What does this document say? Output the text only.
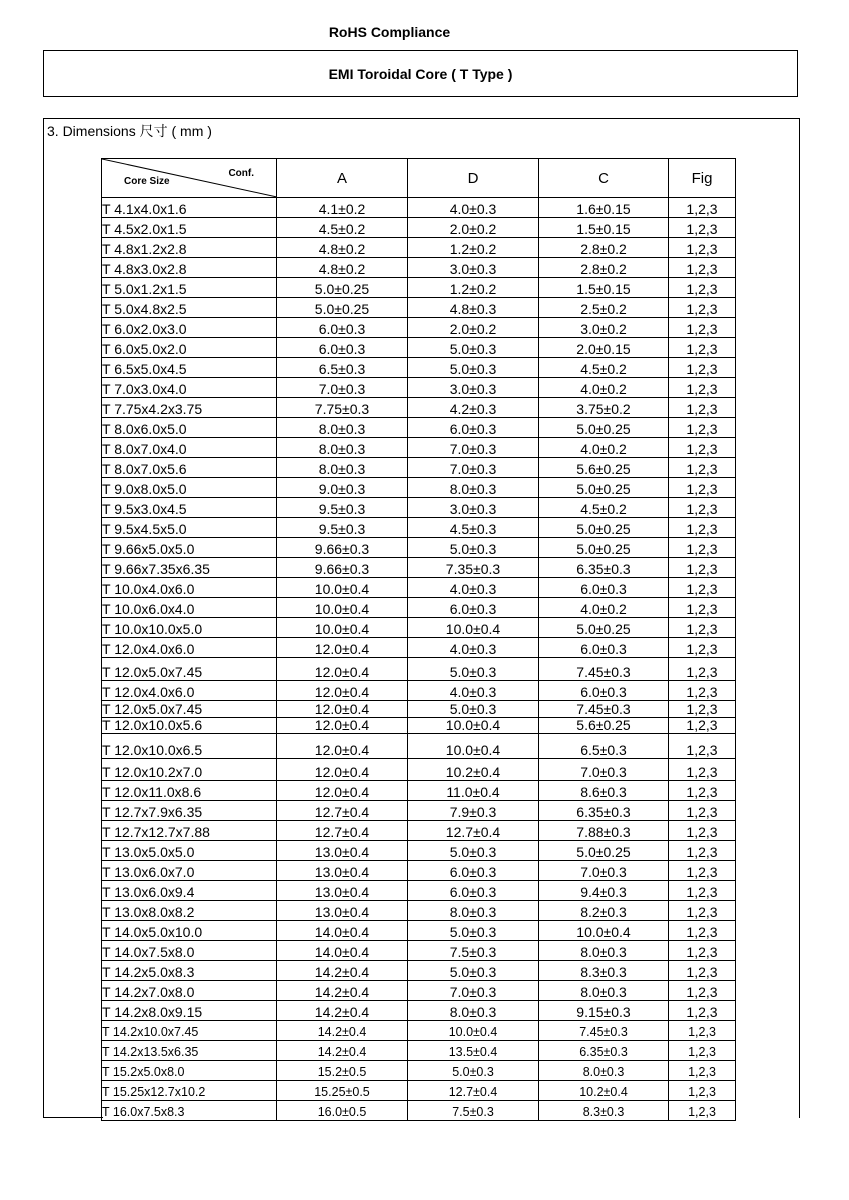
RoHS Compliance
EMI Toroidal Core ( T Type )
3. Dimensions 尺寸 ( mm )
Conf.
Core Size	A	D	C	Fig
T 4.1x4.0x1.6	4.1±0.2	4.0±0.3	1.6±0.15	1,2,3
T 4.5x2.0x1.5	4.5±0.2	2.0±0.2	1.5±0.15	1,2,3
T 4.8x1.2x2.8	4.8±0.2	1.2±0.2	2.8±0.2	1,2,3
T 4.8x3.0x2.8	4.8±0.2	3.0±0.3	2.8±0.2	1,2,3
T 5.0x1.2x1.5	5.0±0.25	1.2±0.2	1.5±0.15	1,2,3
T 5.0x4.8x2.5	5.0±0.25	4.8±0.3	2.5±0.2	1,2,3
T 6.0x2.0x3.0	6.0±0.3	2.0±0.2	3.0±0.2	1,2,3
T 6.0x5.0x2.0	6.0±0.3	5.0±0.3	2.0±0.15	1,2,3
T 6.5x5.0x4.5	6.5±0.3	5.0±0.3	4.5±0.2	1,2,3
T 7.0x3.0x4.0	7.0±0.3	3.0±0.3	4.0±0.2	1,2,3
T 7.75x4.2x3.75	7.75±0.3	4.2±0.3	3.75±0.2	1,2,3
T 8.0x6.0x5.0	8.0±0.3	6.0±0.3	5.0±0.25	1,2,3
T 8.0x7.0x4.0	8.0±0.3	7.0±0.3	4.0±0.2	1,2,3
T 8.0x7.0x5.6	8.0±0.3	7.0±0.3	5.6±0.25	1,2,3
T 9.0x8.0x5.0	9.0±0.3	8.0±0.3	5.0±0.25	1,2,3
T 9.5x3.0x4.5	9.5±0.3	3.0±0.3	4.5±0.2	1,2,3
T 9.5x4.5x5.0	9.5±0.3	4.5±0.3	5.0±0.25	1,2,3
T 9.66x5.0x5.0	9.66±0.3	5.0±0.3	5.0±0.25	1,2,3
T 9.66x7.35x6.35	9.66±0.3	7.35±0.3	6.35±0.3	1,2,3
T 10.0x4.0x6.0	10.0±0.4	4.0±0.3	6.0±0.3	1,2,3
T 10.0x6.0x4.0	10.0±0.4	6.0±0.3	4.0±0.2	1,2,3
T 10.0x10.0x5.0	10.0±0.4	10.0±0.4	5.0±0.25	1,2,3
T 12.0x4.0x6.0	12.0±0.4	4.0±0.3	6.0±0.3	1,2,3
T 12.0x5.0x7.45	12.0±0.4	5.0±0.3	7.45±0.3	1,2,3
T 12.0x4.0x6.0	12.0±0.4	4.0±0.3	6.0±0.3	1,2,3
T 12.0x5.0x7.45	12.0±0.4	5.0±0.3	7.45±0.3	1,2,3
T 12.0x10.0x5.6	12.0±0.4	10.0±0.4	5.6±0.25	1,2,3
T 12.0x10.0x6.5	12.0±0.4	10.0±0.4	6.5±0.3	1,2,3
T 12.0x10.2x7.0	12.0±0.4	10.2±0.4	7.0±0.3	1,2,3
T 12.0x11.0x8.6	12.0±0.4	11.0±0.4	8.6±0.3	1,2,3
T 12.7x7.9x6.35	12.7±0.4	7.9±0.3	6.35±0.3	1,2,3
T 12.7x12.7x7.88	12.7±0.4	12.7±0.4	7.88±0.3	1,2,3
T 13.0x5.0x5.0	13.0±0.4	5.0±0.3	5.0±0.25	1,2,3
T 13.0x6.0x7.0	13.0±0.4	6.0±0.3	7.0±0.3	1,2,3
T 13.0x6.0x9.4	13.0±0.4	6.0±0.3	9.4±0.3	1,2,3
T 13.0x8.0x8.2	13.0±0.4	8.0±0.3	8.2±0.3	1,2,3
T 14.0x5.0x10.0	14.0±0.4	5.0±0.3	10.0±0.4	1,2,3
T 14.0x7.5x8.0	14.0±0.4	7.5±0.3	8.0±0.3	1,2,3
T 14.2x5.0x8.3	14.2±0.4	5.0±0.3	8.3±0.3	1,2,3
T 14.2x7.0x8.0	14.2±0.4	7.0±0.3	8.0±0.3	1,2,3
T 14.2x8.0x9.15	14.2±0.4	8.0±0.3	9.15±0.3	1,2,3
T 14.2x10.0x7.45	14.2±0.4	10.0±0.4	7.45±0.3	1,2,3
T 14.2x13.5x6.35	14.2±0.4	13.5±0.4	6.35±0.3	1,2,3
T 15.2x5.0x8.0	15.2±0.5	5.0±0.3	8.0±0.3	1,2,3
T 15.25x12.7x10.2	15.25±0.5	12.7±0.4	10.2±0.4	1,2,3
T 16.0x7.5x8.3	16.0±0.5	7.5±0.3	8.3±0.3	1,2,3
